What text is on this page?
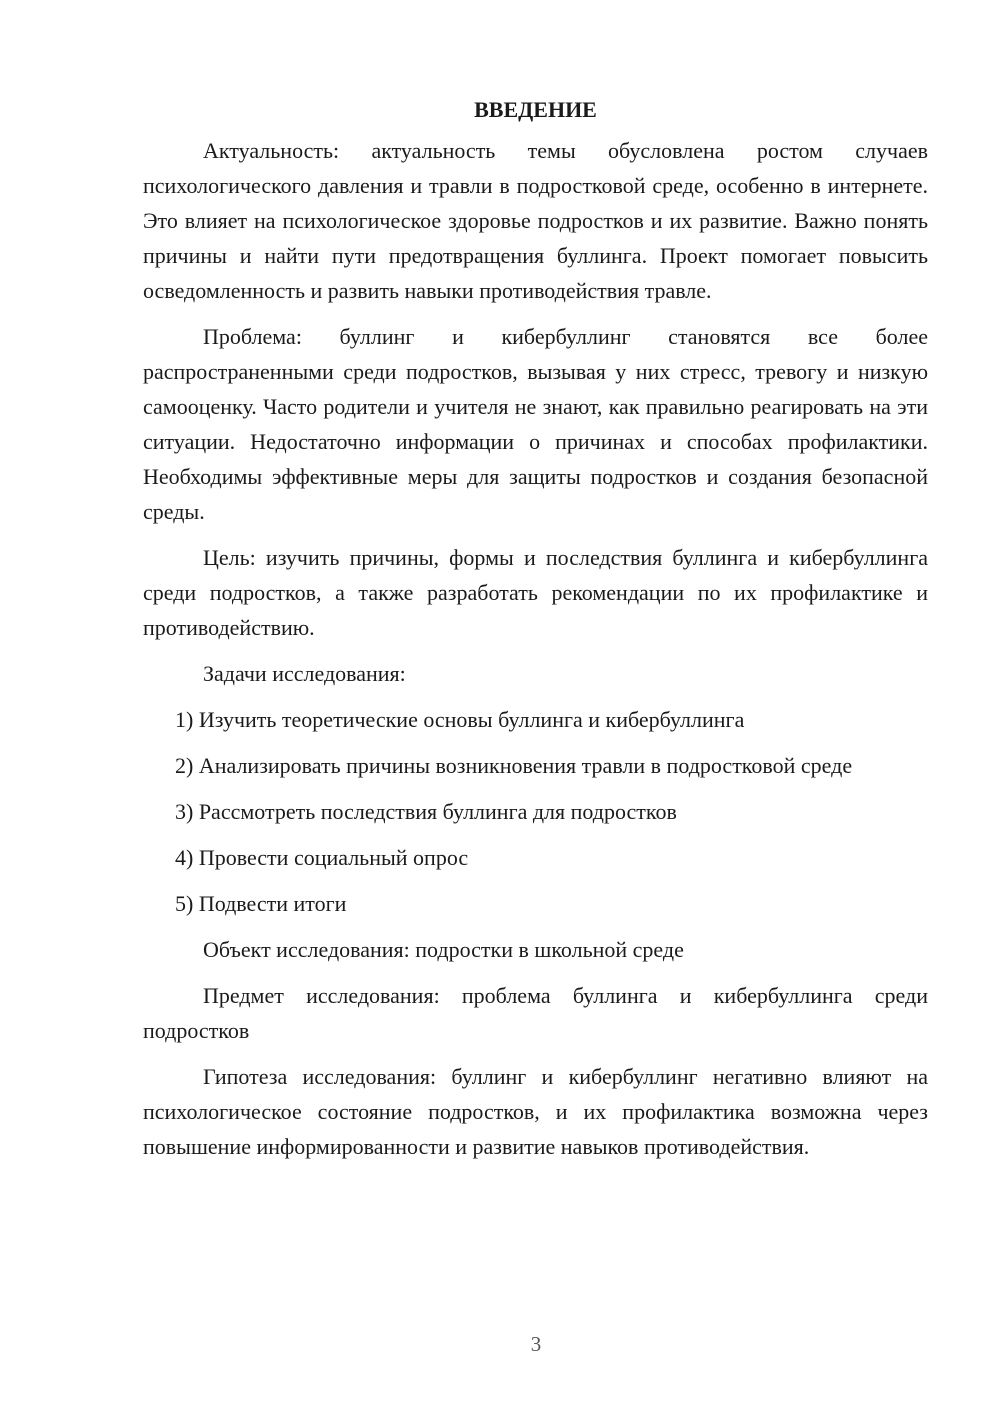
ВВЕДЕНИЕ

Актуальность: актуальность темы обусловлена ростом случаев психологического давления и травли в подростковой среде, особенно в интернете. Это влияет на психологическое здоровье подростков и их развитие. Важно понять причины и найти пути предотвращения буллинга. Проект помогает повысить осведомленность и развить навыки противодействия травле.

Проблема: буллинг и кибербуллинг становятся все более распространенными среди подростков, вызывая у них стресс, тревогу и низкую самооценку. Часто родители и учителя не знают, как правильно реагировать на эти ситуации. Недостаточно информации о причинах и способах профилактики. Необходимы эффективные меры для защиты подростков и создания безопасной среды.

Цель: изучить причины, формы и последствия буллинга и кибербуллинга среди подростков, а также разработать рекомендации по их профилактике и противодействию.

Задачи исследования:

1) Изучить теоретические основы буллинга и кибербуллинга

2) Анализировать причины возникновения травли в подростковой среде

3) Рассмотреть последствия буллинга для подростков

4) Провести социальный опрос

5) Подвести итоги

Объект исследования: подростки в школьной среде

Предмет исследования: проблема буллинга и кибербуллинга среди подростков

Гипотеза исследования: буллинг и кибербуллинг негативно влияют на психологическое состояние подростков, и их профилактика возможна через повышение информированности и развитие навыков противодействия.

3
